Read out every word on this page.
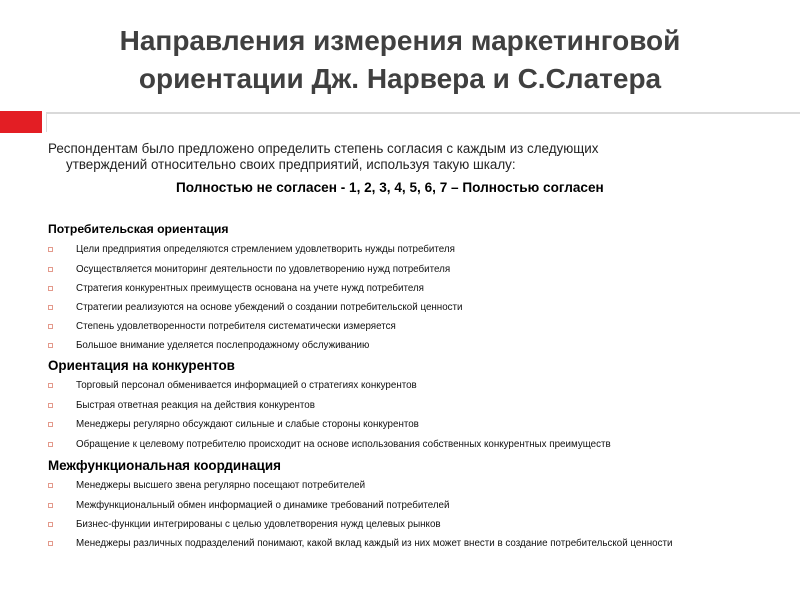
Направления измерения маркетинговой
ориентации Дж. Нарвера и С.Слатера
Респондентам было предложено определить степень согласия с каждым из следующих
утверждений относительно своих предприятий, используя такую шкалу:
Полностью не согласен - 1, 2, 3, 4, 5, 6, 7 – Полностью согласен
Потребительская ориентация
Цели предприятия определяются стремлением удовлетворить нужды потребителя
Осуществляется мониторинг деятельности по удовлетворению нужд потребителя
Стратегия конкурентных преимуществ основана на учете нужд потребителя
Стратегии реализуются на основе убеждений о создании потребительской ценности
Степень удовлетворенности потребителя систематически измеряется
Большое внимание уделяется послепродажному обслуживанию
Ориентация на конкурентов
Торговый персонал обменивается информацией о стратегиях конкурентов
Быстрая ответная реакция на действия конкурентов
Менеджеры регулярно обсуждают сильные и слабые стороны конкурентов
Обращение к целевому потребителю происходит на основе использования собственных конкурентных преимуществ
Межфункциональная координация
Менеджеры высшего звена регулярно посещают потребителей
Межфункциональный обмен информацией о динамике требований потребителей
Бизнес-функции интегрированы с целью удовлетворения нужд целевых рынков
Менеджеры различных подразделений понимают, какой вклад каждый из них может внести в создание потребительской ценности
